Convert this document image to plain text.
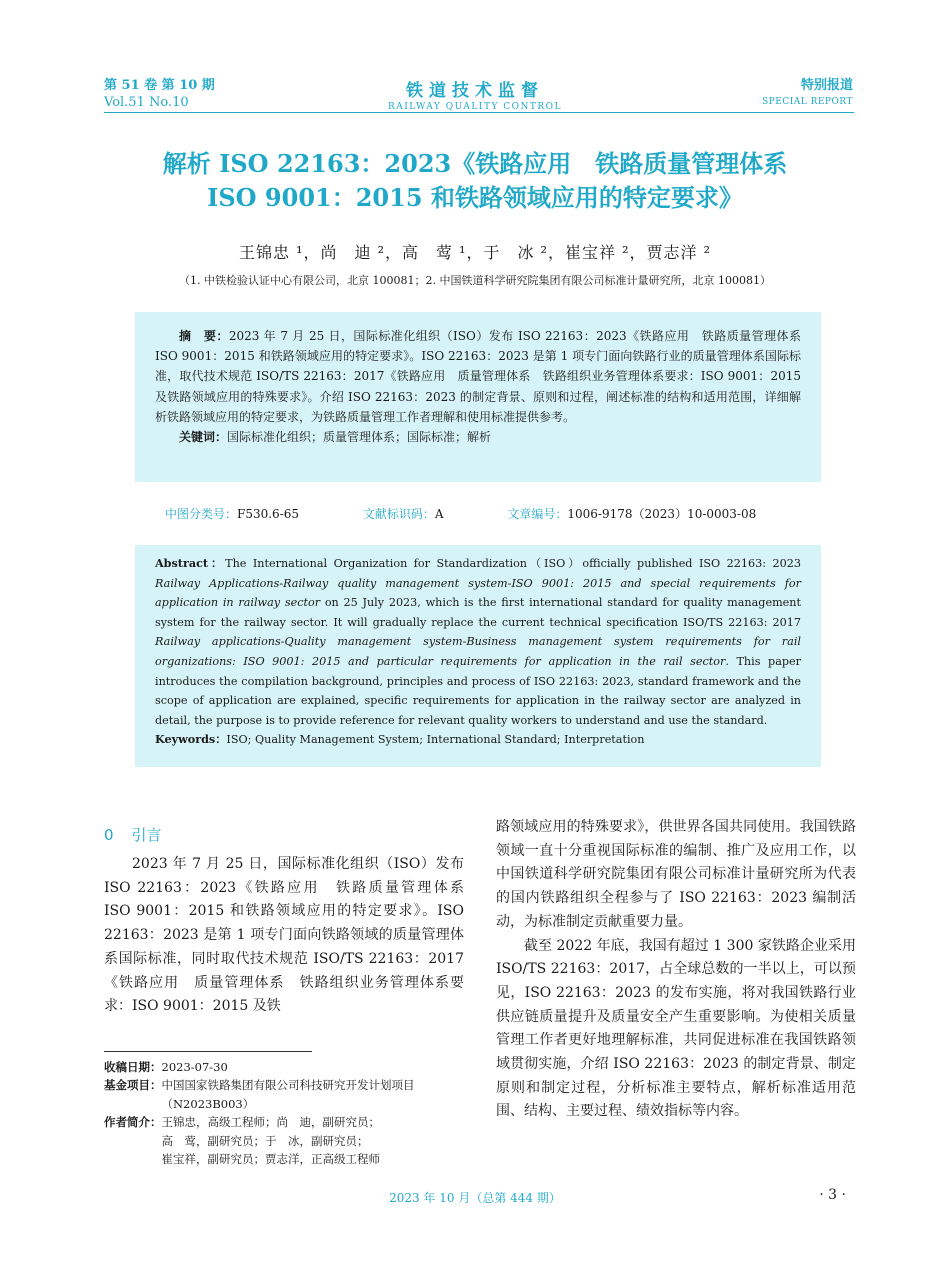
第 51 卷 第 10 期
Vol.51 No.10
铁道技术监督
RAILWAY QUALITY CONTROL
特别报道
SPECIAL REPORT
解析 ISO 22163：2023《铁路应用　铁路质量管理体系
ISO 9001：2015 和铁路领域应用的特定要求》
王锦忠 ¹，尚　迪 ²，高　莺 ¹，于　冰 ²，崔宝祥 ²，贾志洋 ²
（1. 中铁检验认证中心有限公司，北京 100081；2. 中国铁道科学研究院集团有限公司标准计量研究所，北京 100081）
摘　要：2023 年 7 月 25 日，国际标准化组织（ISO）发布 ISO 22163：2023《铁路应用　铁路质量管理体系　ISO 9001：2015 和铁路领域应用的特定要求》。ISO 22163：2023 是第 1 项专门面向铁路行业的质量管理体系国际标准，取代技术规范 ISO/TS 22163：2017《铁路应用　质量管理体系　铁路组织业务管理体系要求：ISO 9001：2015 及铁路领域应用的特殊要求》。介绍 ISO 22163：2023 的制定背景、原则和过程，阐述标准的结构和适用范围，详细解析铁路领域应用的特定要求，为铁路质量管理工作者理解和使用标准提供参考。
关键词：国际标准化组织；质量管理体系；国际标准；解析
中图分类号：F530.6-65	文献标识码：A	文章编号：1006-9178（2023）10-0003-08
Abstract：The International Organization for Standardization（ISO）officially published ISO 22163: 2023 Railway Applications-Railway quality management system-ISO 9001: 2015 and special requirements for application in railway sector on 25 July 2023, which is the first international standard for quality management system for the railway sector. It will gradually replace the current technical specification ISO/TS 22163: 2017 Railway applications-Quality management system-Business management system requirements for rail organizations: ISO 9001: 2015 and particular requirements for application in the rail sector. This paper introduces the compilation background, principles and process of ISO 22163: 2023, standard framework and the scope of application are explained, specific requirements for application in the railway sector are analyzed in detail, the purpose is to provide reference for relevant quality workers to understand and use the standard.
Keywords：ISO; Quality Management System; International Standard; Interpretation
0 引言

2023 年 7 月 25 日，国际标准化组织（ISO）发布 ISO 22163：2023《铁路应用　铁路质量管理体系　ISO 9001：2015 和铁路领域应用的特定要求》。ISO 22163：2023 是第 1 项专门面向铁路领域的质量管理体系国际标准，同时取代技术规范 ISO/TS 22163：2017《铁路应用　质量管理体系　铁路组织业务管理体系要求：ISO 9001：2015 及铁

收稿日期： 2023-07-30
基金项目： 中国国家铁路集团有限公司科技研究开发计划项目（N2023B003）
作者简介： 王锦忠，高级工程师；尚　迪，副研究员；
高　莺，副研究员；于　冰，副研究员；
崔宝祥，副研究员；贾志洋，正高级工程师

路领域应用的特殊要求》，供世界各国共同使用。我国铁路领域一直十分重视国际标准的编制、推广及应用工作，以中国铁道科学研究院集团有限公司标准计量研究所为代表的国内铁路组织全程参与了 ISO 22163：2023 编制活动，为标准制定贡献重要力量。

截至 2022 年底，我国有超过 1 300 家铁路企业采用 ISO/TS 22163：2017，占全球总数的一半以上，可以预见，ISO 22163：2023 的发布实施，将对我国铁路行业供应链质量提升及质量安全产生重要影响。为使相关质量管理工作者更好地理解标准，共同促进标准在我国铁路领域贯彻实施，介绍 ISO 22163：2023 的制定背景、制定原则和制定过程，分析标准主要特点，解析标准适用范围、结构、主要过程、绩效指标等内容。

2023 年 10 月（总第 444 期）	· 3 ·
